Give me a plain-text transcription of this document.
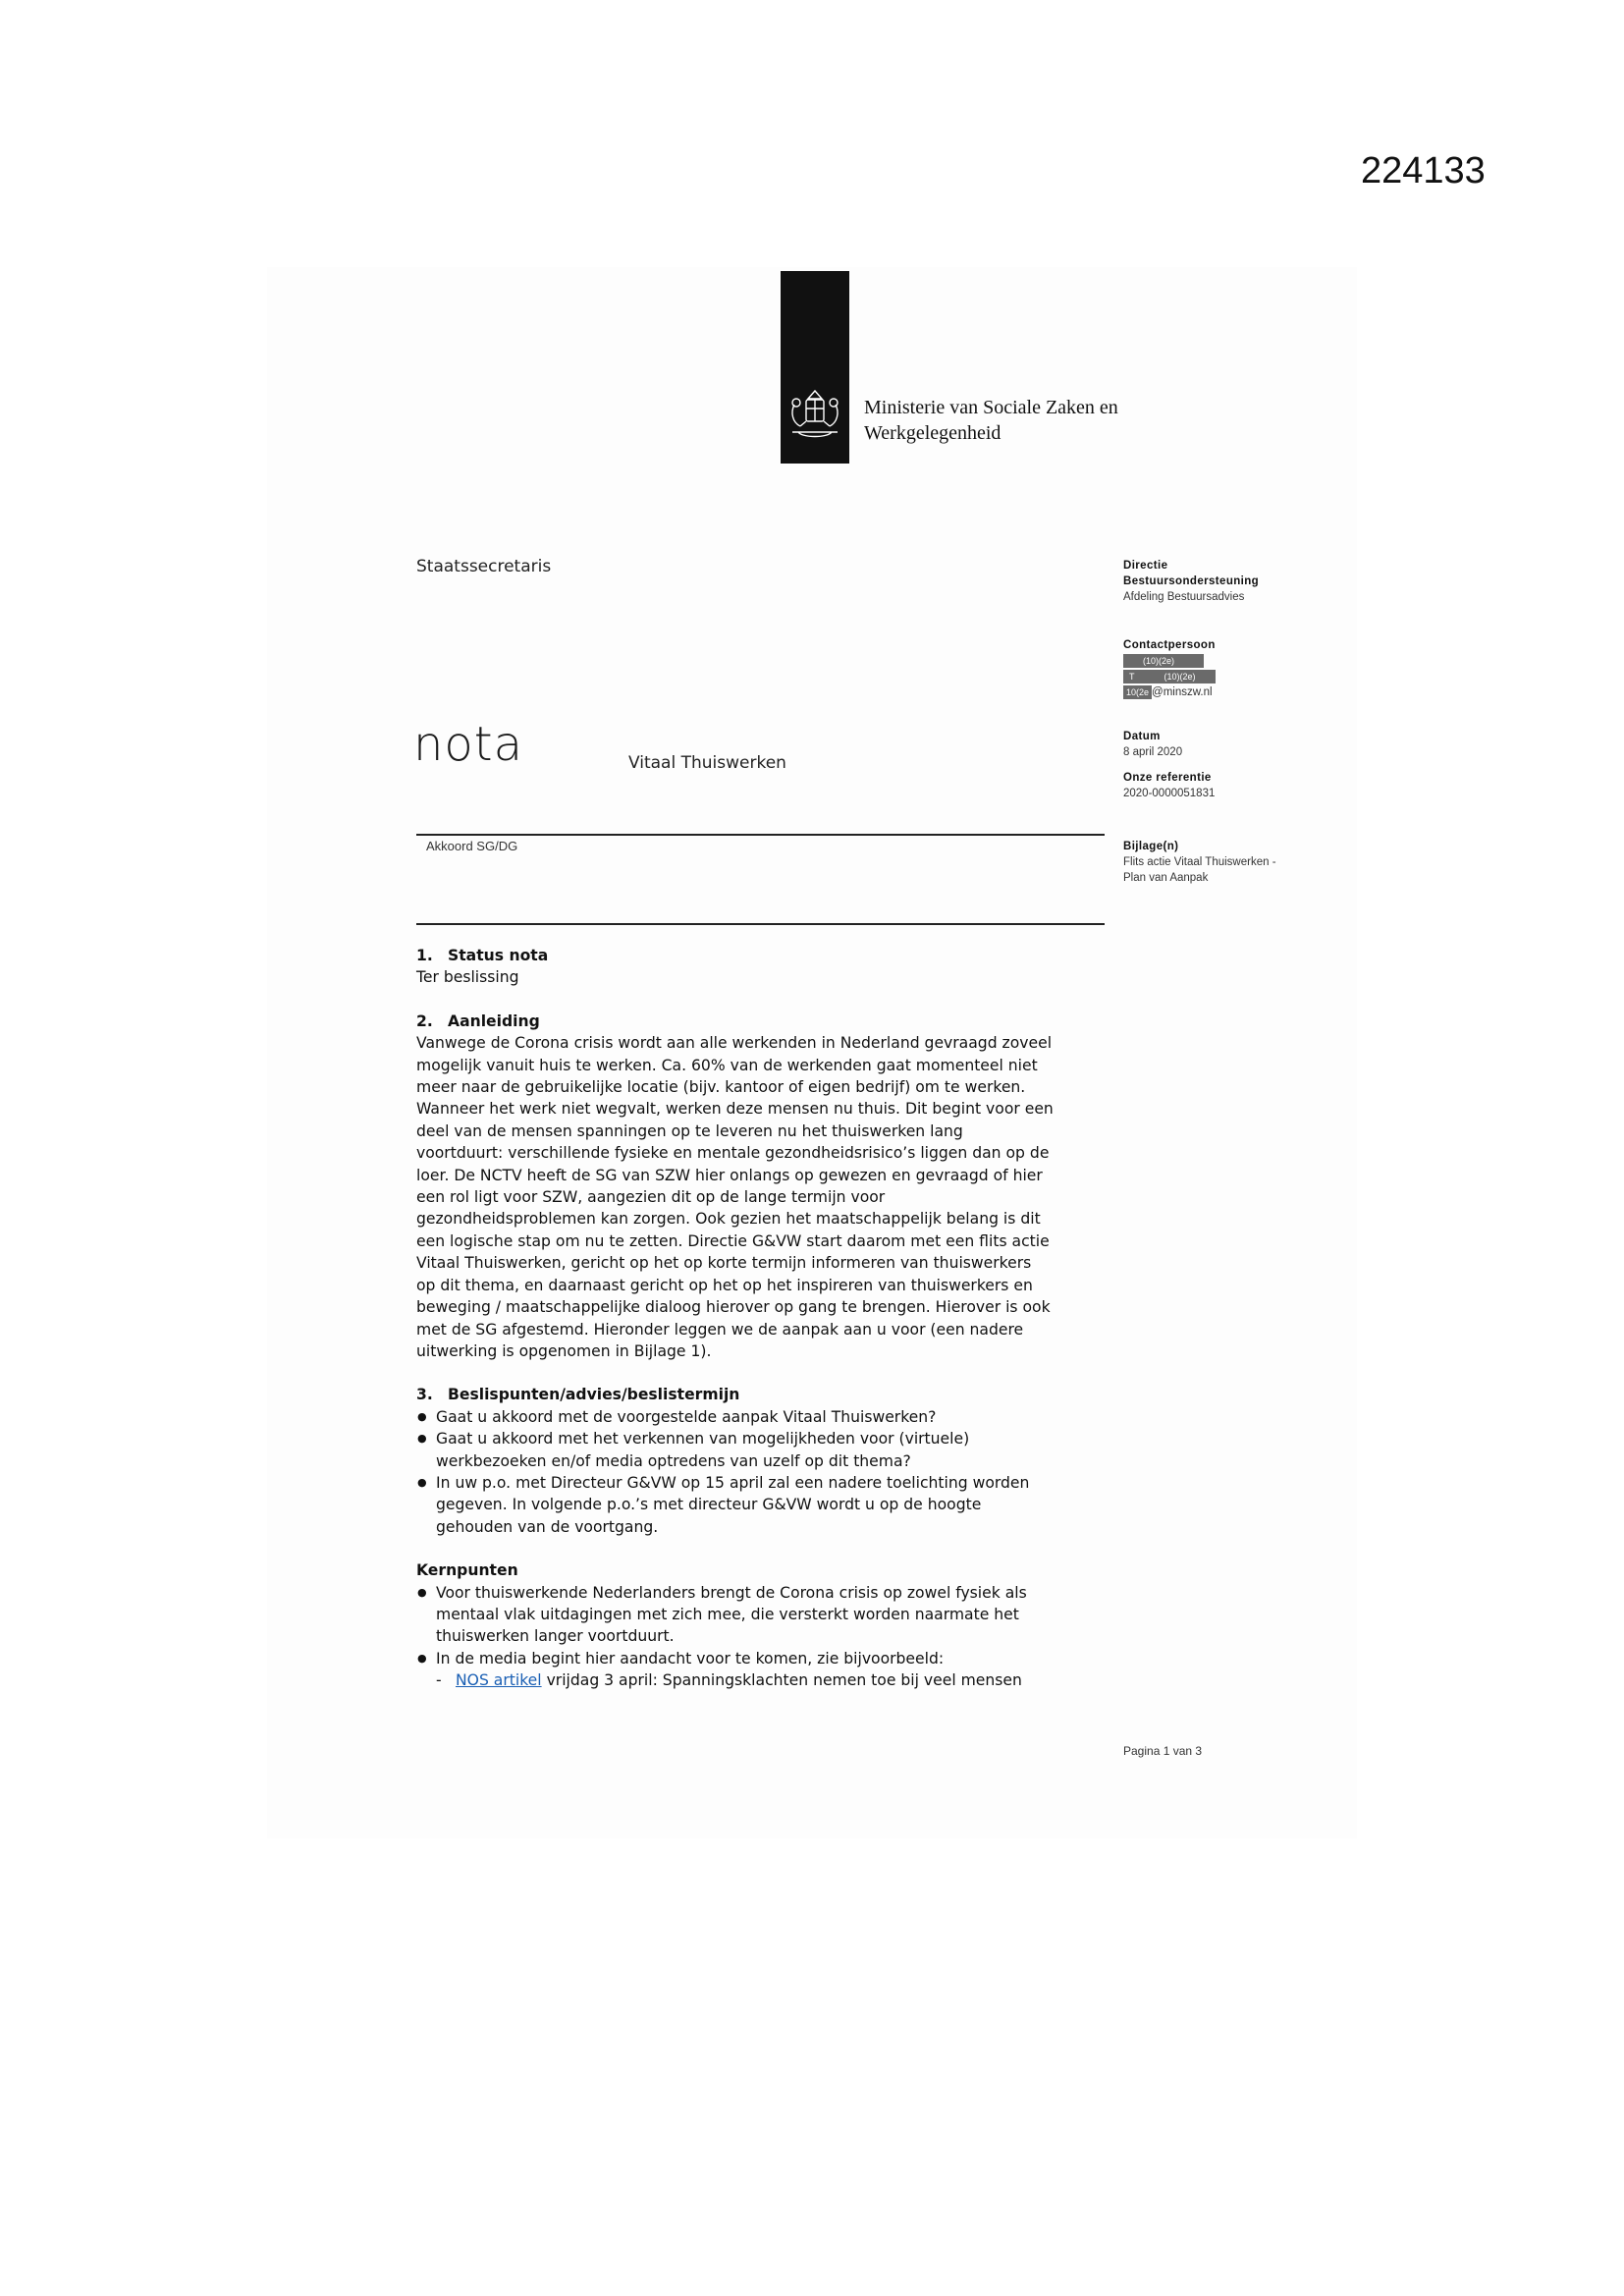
224133
Ministerie van Sociale Zaken en
Werkgelegenheid
Staatssecretaris
nota	Vitaal Thuiswerken
Akkoord SG/DG
Directie
Bestuursondersteuning
Afdeling Bestuursadvies
Contactpersoon
(10)(2e)
T	(10)(2e)
10(2e @minszw.nl
Datum
8 april 2020
Onze referentie
2020-0000051831
Bijlage(n)
Flits actie Vitaal Thuiswerken -
Plan van Aanpak

1. Status nota

Ter beslissing

2. Aanleiding

Vanwege de Corona crisis wordt aan alle werkenden in Nederland gevraagd zoveel
mogelijk vanuit huis te werken. Ca. 60% van de werkenden gaat momenteel niet
meer naar de gebruikelijke locatie (bijv. kantoor of eigen bedrijf) om te werken.
Wanneer het werk niet wegvalt, werken deze mensen nu thuis. Dit begint voor een
deel van de mensen spanningen op te leveren nu het thuiswerken lang
voortduurt: verschillende fysieke en mentale gezondheidsrisico’s liggen dan op de
loer. De NCTV heeft de SG van SZW hier onlangs op gewezen en gevraagd of hier
een rol ligt voor SZW, aangezien dit op de lange termijn voor
gezondheidsproblemen kan zorgen. Ook gezien het maatschappelijk belang is dit
een logische stap om nu te zetten. Directie G&VW start daarom met een flits actie
Vitaal Thuiswerken, gericht op het op korte termijn informeren van thuiswerkers
op dit thema, en daarnaast gericht op het op het inspireren van thuiswerkers en
beweging / maatschappelijke dialoog hierover op gang te brengen. Hierover is ook
met de SG afgestemd. Hieronder leggen we de aanpak aan u voor (een nadere
uitwerking is opgenomen in Bijlage 1).

3. Beslispunten/advies/beslistermijn

● Gaat u akkoord met de voorgestelde aanpak Vitaal Thuiswerken?
● Gaat u akkoord met het verkennen van mogelijkheden voor (virtuele)
werkbezoeken en/of media optredens van uzelf op dit thema?
● In uw p.o. met Directeur G&VW op 15 april zal een nadere toelichting worden
gegeven. In volgende p.o.’s met directeur G&VW wordt u op de hoogte
gehouden van de voortgang.

Kernpunten

● Voor thuiswerkende Nederlanders brengt de Corona crisis op zowel fysiek als
mentaal vlak uitdagingen met zich mee, die versterkt worden naarmate het
thuiswerken langer voortduurt.
● In de media begint hier aandacht voor te komen, zie bijvoorbeeld:
- NOS artikel vrijdag 3 april: Spanningsklachten nemen toe bij veel mensen
Pagina 1 van 3
